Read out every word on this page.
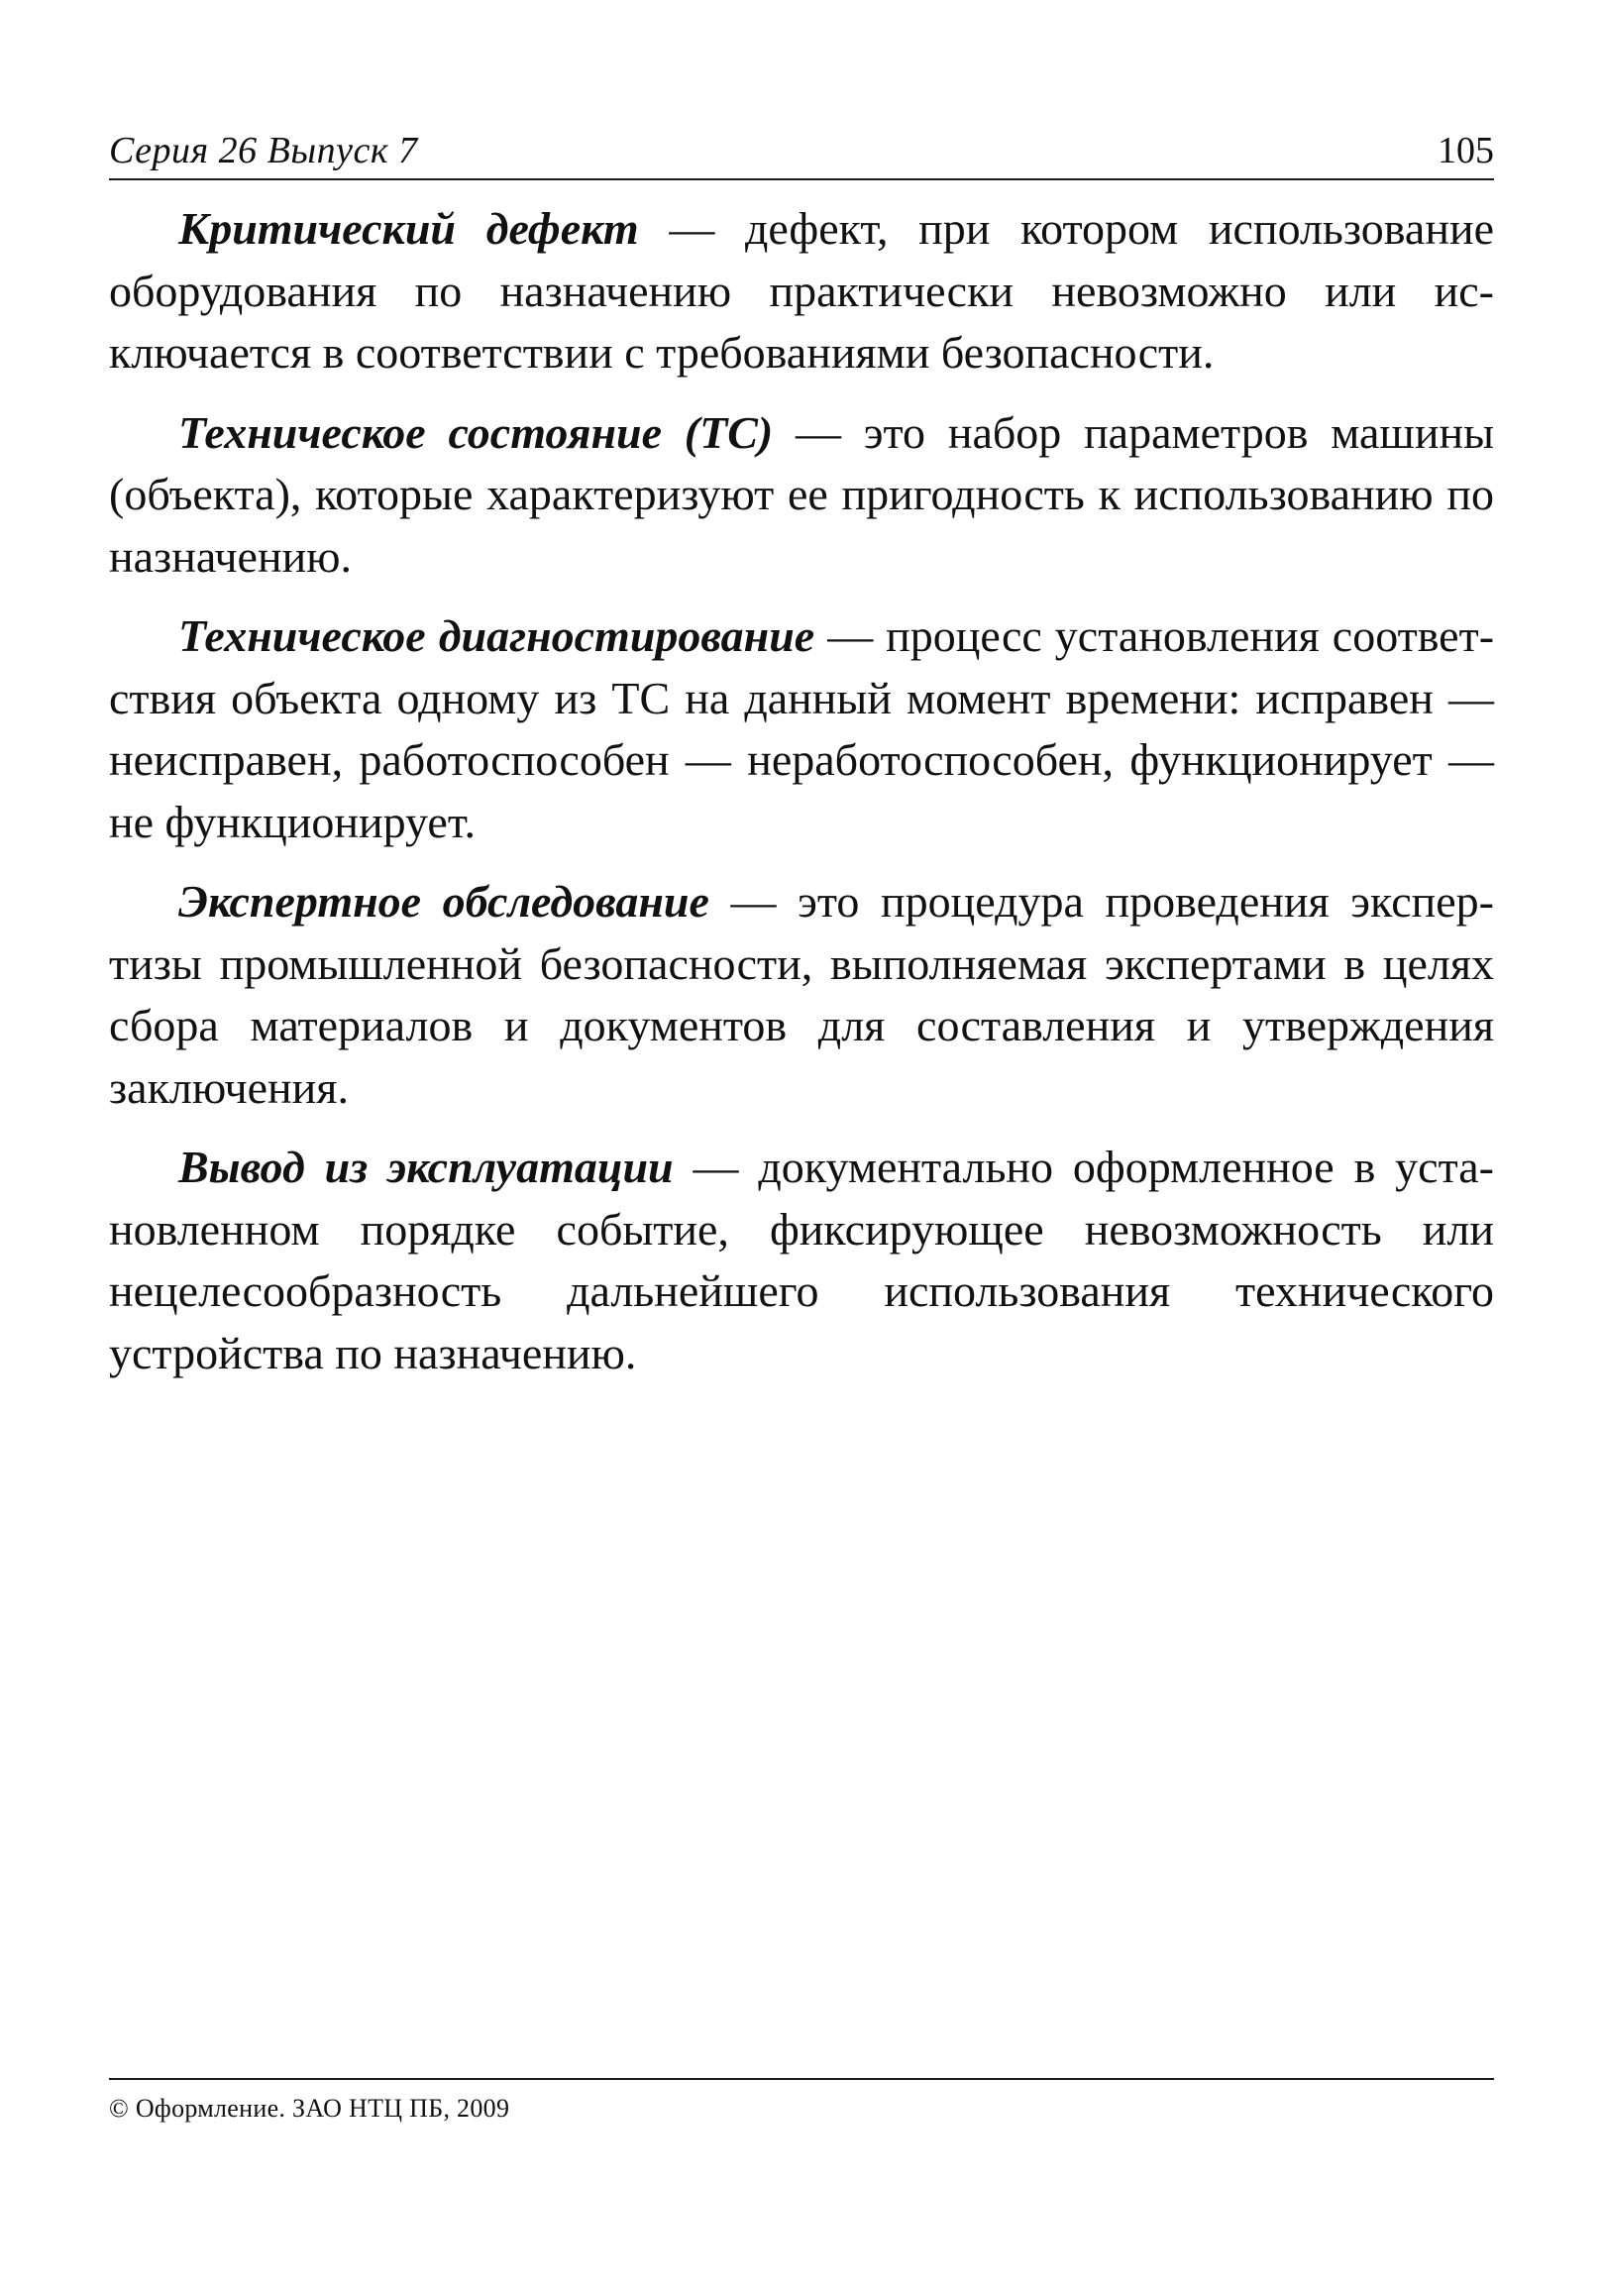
Серия 26 Выпуск 7	105

Критический дефект — дефект, при котором использование оборудования по назначению практически невозможно или исключается в соответствии с требованиями безопасности.

Техническое состояние (ТС) — это набор параметров машины (объекта), которые характеризуют ее пригодность к использованию по назначению.

Техническое диагностирование — процесс установления соответствия объекта одному из ТС на данный момент времени: исправен — неисправен, работоспособен — неработоспособен, функционирует — не функционирует.

Экспертное обследование — это процедура проведения экспертизы промышленной безопасности, выполняемая экспертами в целях сбора материалов и документов для составления и утверждения заключения.

Вывод из эксплуатации — документально оформленное в установленном порядке событие, фиксирующее невозможность или нецелесообразность дальнейшего использования технического устройства по назначению.

© Оформление. ЗАО НТЦ ПБ, 2009
